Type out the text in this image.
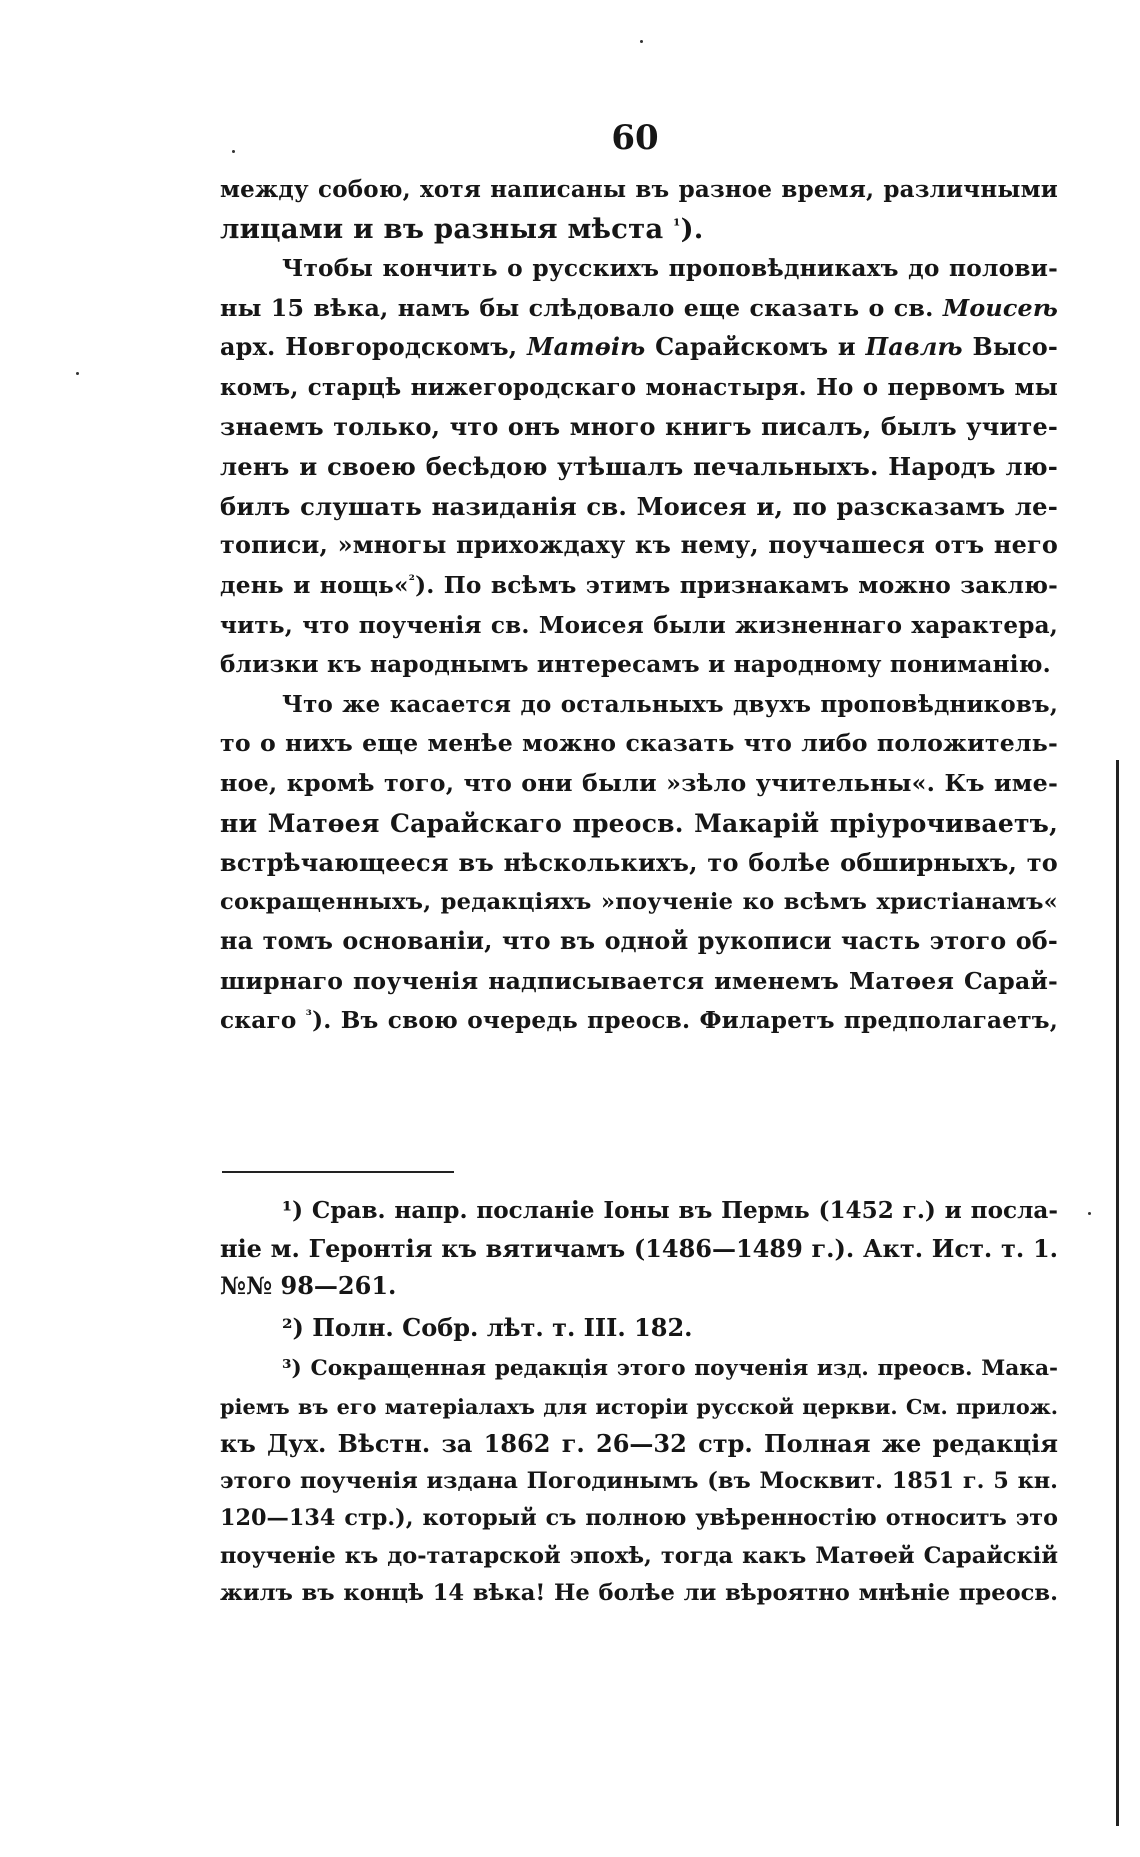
60

между собою, хотя написаны въ разное время, различными
лицами и въ разныя мѣста $^{^1}$).

Чтобы кончить о русскихъ проповѣдникахъ до полови-
ны 15 вѣка, намъ бы слѣдовало еще сказать о св. Моисеѣ
арх. Новгородскомъ, Матөіѣ Сарайскомъ и Павлѣ Высо-
комъ, старцѣ нижегородскаго монастыря. Но о первомъ мы
знаемъ только, что онъ много книгъ писалъ, былъ учите-
ленъ и своею бесѣдою утѣшалъ печальныхъ. Народъ лю-
билъ слушать назиданія св. Моисея и, по разсказамъ ле-
тописи, »многы прихождаху къ нему, поучашеся отъ него
день и нощь«$^{^2}$). По всѣмъ этимъ признакамъ можно заклю-
чить, что поученія св. Моисея были жизненнаго характера,
близки къ народнымъ интересамъ и народному пониманію.

Что же касается до остальныхъ двухъ проповѣдниковъ,
то о нихъ еще менѣе можно сказать что либо положитель-
ное, кромѣ того, что они были »зѣло учительны«. Къ име-
ни Матөея Сарайскаго преосв. Макарій пріурочиваетъ,
встрѣчающееся въ нѣсколькихъ, то болѣе обширныхъ, то
сокращенныхъ, редакціяхъ »поученіе ко всѣмъ христіанамъ«
на томъ основаніи, что въ одной рукописи часть этого об-
ширнаго поученія надписывается именемъ Матөея Сарай-
скаго $^{^3}$). Въ свою очередь преосв. Филаретъ предполагаетъ,

¹) Срав. напр. посланіе Іоны въ Пермь (1452 г.) и посла-
ніе м. Геронтія къ вятичамъ (1486—1489 г.). Акт. Ист. т. 1.
№№ 98—261.
²) Полн. Собр. лѣт. т. III. 182.
³) Сокращенная редакція этого поученія изд. преосв. Мака-
ріемъ въ его матеріалахъ для исторіи русской церкви. См. прилож.
къ Дух. Вѣстн. за 1862 г. 26—32 стр. Полная же редакція
этого поученія издана Погодинымъ (въ Москвит. 1851 г. 5 кн.
120—134 стр.), который съ полною увѣренностію относитъ это
поученіе къ до-татарской эпохѣ, тогда какъ Матөей Сарайскій
жилъ въ концѣ 14 вѣка! Не болѣе ли вѣроятно мнѣніе преосв.
